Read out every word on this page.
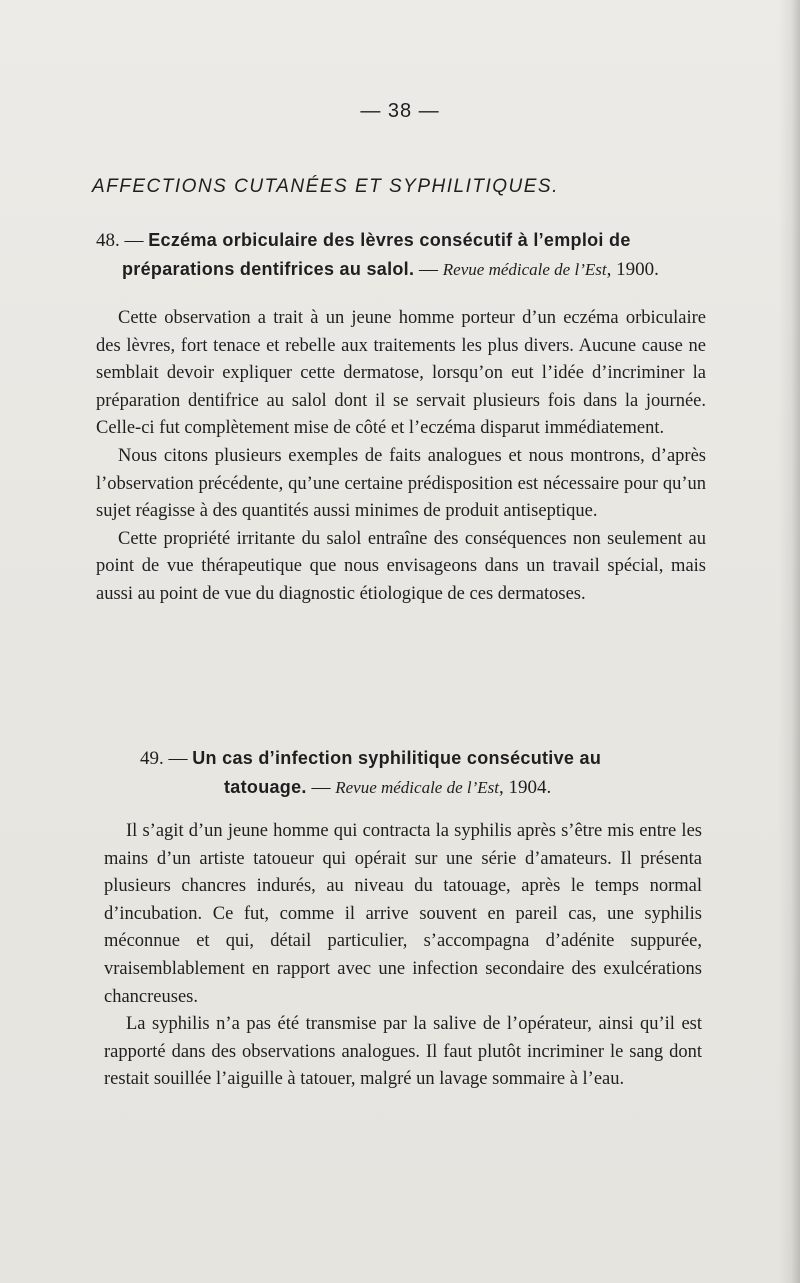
— 38 —
AFFECTIONS CUTANÉES ET SYPHILITIQUES.
48. — Eczéma orbiculaire des lèvres consécutif à l’emploi de
préparations dentifrices au salol. — Revue médicale de l’Est, 1900.

Cette observation a trait à un jeune homme porteur d’un eczéma orbiculaire des lèvres, fort tenace et rebelle aux traitements les plus divers. Aucune cause ne semblait devoir expliquer cette dermatose, lorsqu’on eut l’idée d’incriminer la préparation dentifrice au salol dont il se servait plusieurs fois dans la journée. Celle-ci fut complètement mise de côté et l’eczéma disparut immédiatement.

Nous citons plusieurs exemples de faits analogues et nous montrons, d’après l’observation précédente, qu’une certaine prédisposition est nécessaire pour qu’un sujet réagisse à des quantités aussi minimes de produit antiseptique.

Cette propriété irritante du salol entraîne des conséquences non seulement au point de vue thérapeutique que nous envisageons dans un travail spécial, mais aussi au point de vue du diagnostic étiologique de ces dermatoses.

49. — Un cas d’infection syphilitique consécutive au
tatouage. — Revue médicale de l’Est, 1904.

Il s’agit d’un jeune homme qui contracta la syphilis après s’être mis entre les mains d’un artiste tatoueur qui opérait sur une série d’amateurs. Il présenta plusieurs chancres indurés, au niveau du tatouage, après le temps normal d’incubation. Ce fut, comme il arrive souvent en pareil cas, une syphilis méconnue et qui, détail particulier, s’accompagna d’adénite suppurée, vraisemblablement en rapport avec une infection secondaire des exulcérations chancreuses.

La syphilis n’a pas été transmise par la salive de l’opérateur, ainsi qu’il est rapporté dans des observations analogues. Il faut plutôt incriminer le sang dont restait souillée l’aiguille à tatouer, malgré un lavage sommaire à l’eau.
